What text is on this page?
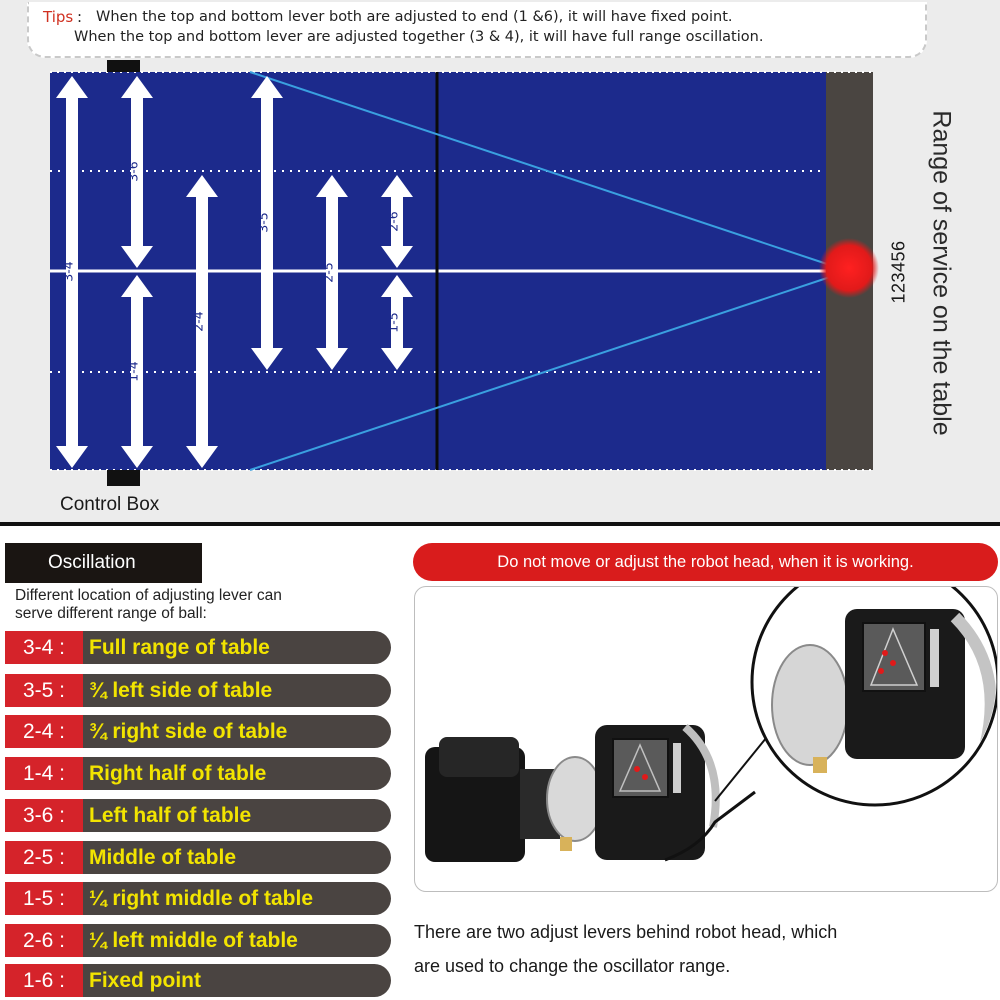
Tips : When the top and bottom lever both are adjusted to end (1 &6), it will have fixed point.
When the top and bottom lever are adjusted together (3 & 4), it will have full range oscillation.
3-4
3-6
1-4
2-4
3-5
2-5
2-6
1-5	Range of service on the table
123456
Control Box
Oscillation
Different location of adjusting lever can
serve different range of ball:
3-4 :	Full range of table
3-5 :	¾ left side of table
2-4 :	¾ right side of table
1-4 :	Right half of table
3-6 :	Left half of table
2-5 :	Middle of table
1-5 :	¼ right middle of table
2-6 :	¼ left middle of table
1-6 :	Fixed point
Do not move or adjust the robot head, when it is working.
There are two adjust levers behind robot head, which
are used to change the oscillator range.
